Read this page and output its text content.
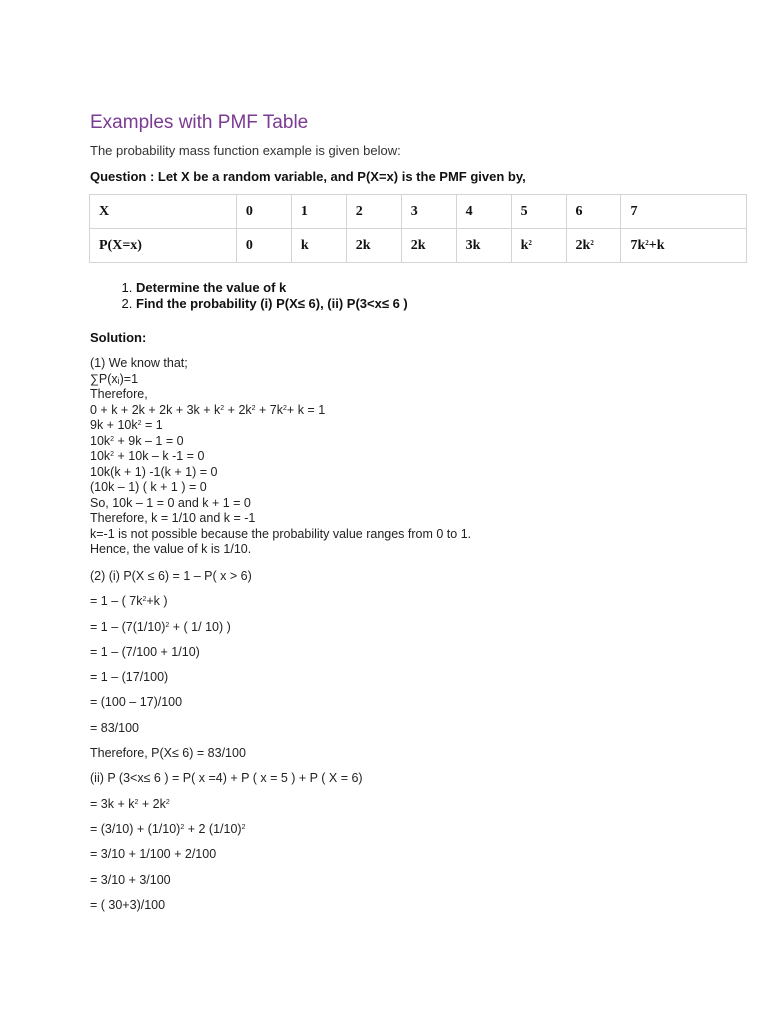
Examples with PMF Table
The probability mass function example is given below:
Question : Let X be a random variable, and P(X=x) is the PMF given by,
X	0	1	2	3	4	5	6	7
P(X=x)	0	k	2k	2k	3k	$k^2$	$2k^2$	$7k^2+k$
1. Determine the value of k
2. Find the probability (i) P(X≤ 6), (ii) P(3<x≤ 6 )
Solution:
(1) We know that;
∑P(xᵢ)=1
Therefore,
$0 + k + 2k + 2k + 3k + k^2 + 2k^2 + 7k^2+ k = 1$
$9k + 10k^2 = 1$
$10k^2 + 9k - 1 = 0$
$10k^2 + 10k - k$ -1 = 0
10k(k + 1) -1(k + 1) = 0
(10k – 1) ( k + 1 ) = 0
So, 10k – 1 = 0 and k + 1 = 0
Therefore, k = 1/10 and k = -1
k=-1 is not possible because the probability value ranges from 0 to 1.
Hence, the value of k is 1/10.
(2) (i) P(X ≤ 6) = 1 – P( x > 6)
= 1 – ( $7k^2+k$ )
= $1 - (7(1/10)^2$ + ( 1/ 10) )
= 1 – (7/100 + 1/10)
= 1 – (17/100)
= (100 – 17)/100
= 83/100
Therefore, P(X≤ 6) = 83/100
(ii) P (3<x≤ 6 ) = P( x =4) + P ( x = 5 ) + P ( X = 6)
= $3k + k^2 + 2k^2$
= $(3/10) + (1/10)^2 + 2$ $(1/10)^2$
= 3/10 + 1/100 + 2/100
= 3/10 + 3/100
= ( 30+3)/100
